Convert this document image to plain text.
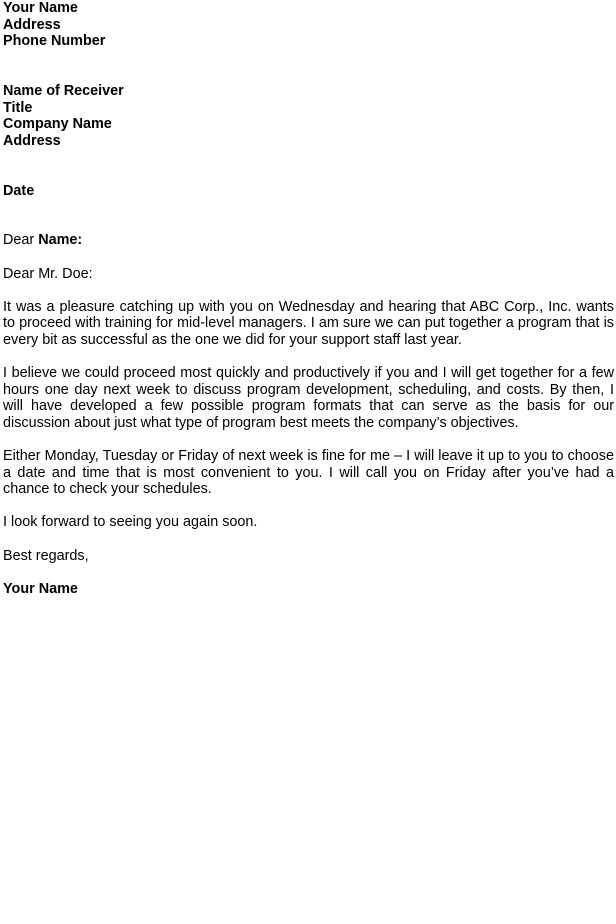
Your Name
Address
Phone Number
Name of Receiver
Title
Company Name
Address
Date
Dear Name:
Dear Mr. Doe:

It was a pleasure catching up with you on Wednesday and hearing that ABC Corp., Inc. wants to proceed with training for mid-level managers. I am sure we can put together a program that is every bit as successful as the one we did for your support staff last year.

I believe we could proceed most quickly and productively if you and I will get together for a few hours one day next week to discuss program development, scheduling, and costs. By then, I will have developed a few possible program formats that can serve as the basis for our discussion about just what type of program best meets the company’s objectives.

Either Monday, Tuesday or Friday of next week is fine for me – I will leave it up to you to choose a date and time that is most convenient to you. I will call you on Friday after you’ve had a chance to check your schedules.

I look forward to seeing you again soon.

Best regards,
Your Name
